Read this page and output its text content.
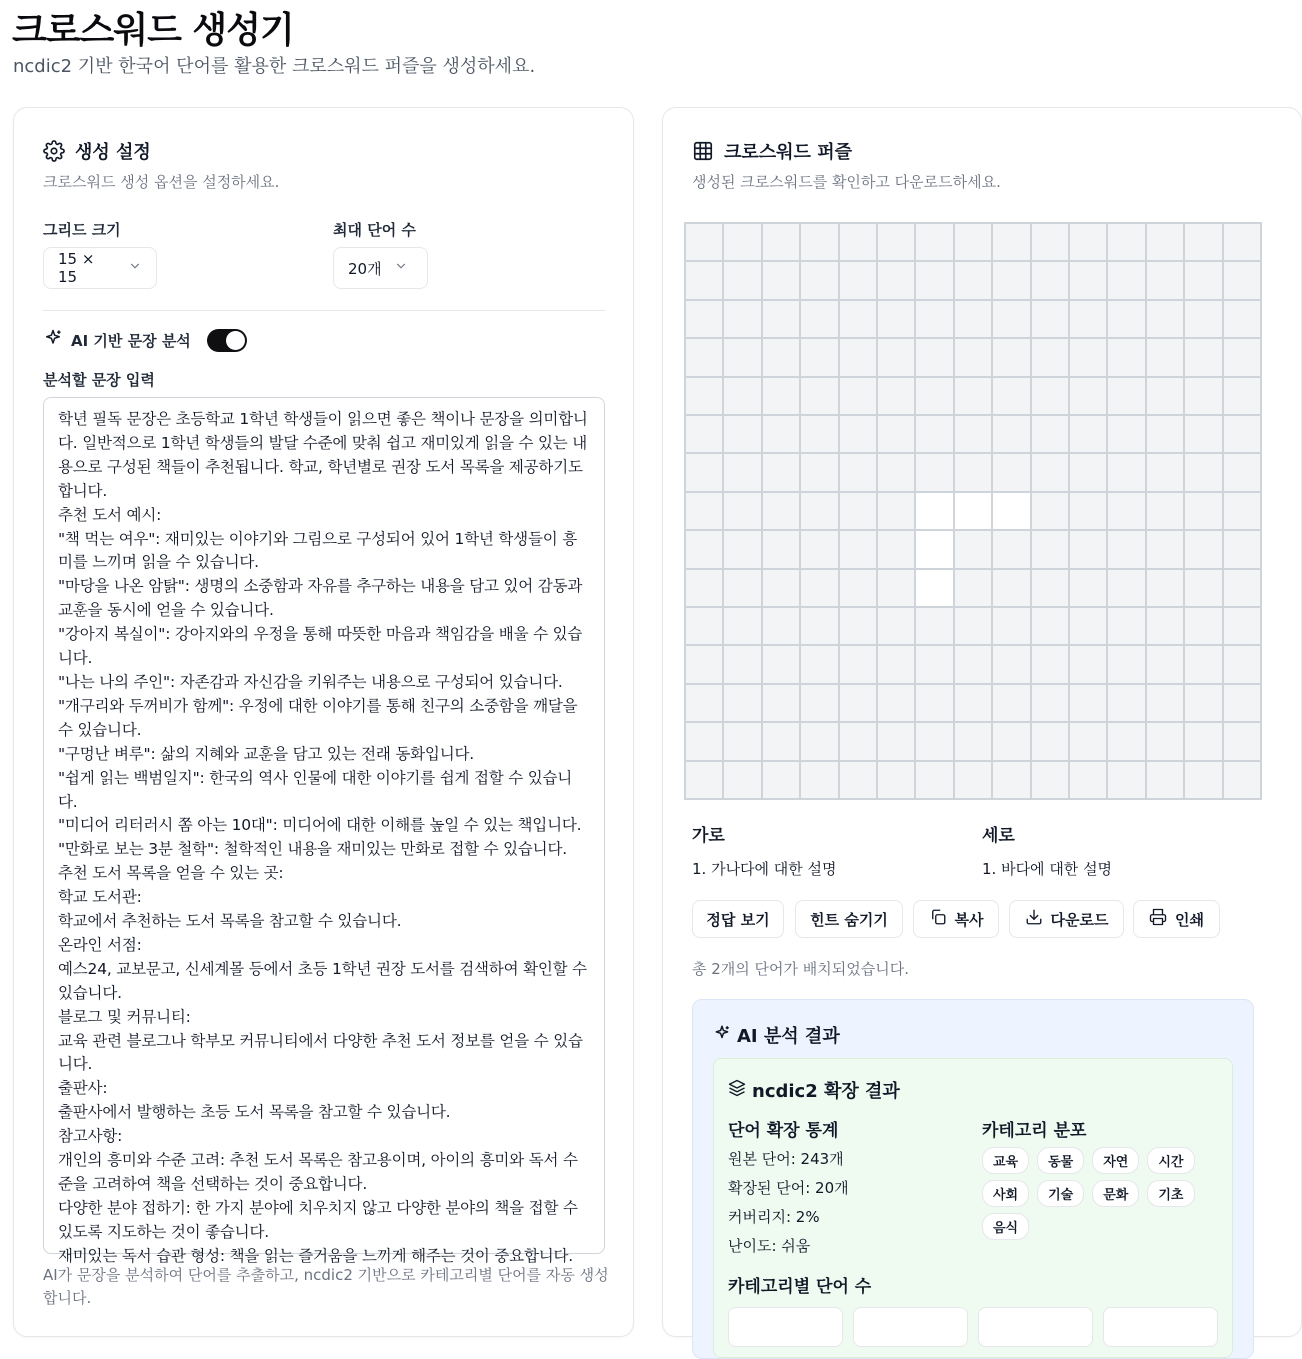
크로스워드 생성기
ncdic2 기반 한국어 단어를 활용한 크로스워드 퍼즐을 생성하세요.
생성 설정
크로스워드 생성 옵션을 설정하세요.
그리드 크기
15 × 15
최대 단어 수
20개
AI 기반 문장 분석
분석할 문장 입력
학년 필독 문장은 초등학교 1학년 학생들이 읽으면 좋은 책이나 문장을 의미합니다. 일반적으로 1학년 학생들의 발달 수준에 맞춰 쉽고 재미있게 읽을 수 있는 내용으로 구성된 책들이 추천됩니다. 학교, 학년별로 권장 도서 목록을 제공하기도 합니다.
추천 도서 예시:
"책 먹는 여우": 재미있는 이야기와 그림으로 구성되어 있어 1학년 학생들이 흥미를 느끼며 읽을 수 있습니다.
"마당을 나온 암탉": 생명의 소중함과 자유를 추구하는 내용을 담고 있어 감동과 교훈을 동시에 얻을 수 있습니다.
"강아지 복실이": 강아지와의 우정을 통해 따뜻한 마음과 책임감을 배울 수 있습니다.
"나는 나의 주인": 자존감과 자신감을 키워주는 내용으로 구성되어 있습니다.
"개구리와 두꺼비가 함께": 우정에 대한 이야기를 통해 친구의 소중함을 깨달을 수 있습니다.
"구멍난 벼루": 삶의 지혜와 교훈을 담고 있는 전래 동화입니다.
"쉽게 읽는 백범일지": 한국의 역사 인물에 대한 이야기를 쉽게 접할 수 있습니다.
"미디어 리터러시 쫌 아는 10대": 미디어에 대한 이해를 높일 수 있는 책입니다.
"만화로 보는 3분 철학": 철학적인 내용을 재미있는 만화로 접할 수 있습니다.
추천 도서 목록을 얻을 수 있는 곳:
학교 도서관:
학교에서 추천하는 도서 목록을 참고할 수 있습니다.
온라인 서점:
예스24, 교보문고, 신세계몰 등에서 초등 1학년 권장 도서를 검색하여 확인할 수 있습니다.
블로그 및 커뮤니티:
교육 관련 블로그나 학부모 커뮤니티에서 다양한 추천 도서 정보를 얻을 수 있습니다.
출판사:
출판사에서 발행하는 초등 도서 목록을 참고할 수 있습니다.
참고사항:
개인의 흥미와 수준 고려: 추천 도서 목록은 참고용이며, 아이의 흥미와 독서 수준을 고려하여 책을 선택하는 것이 중요합니다.
다양한 분야 접하기: 한 가지 분야에 치우치지 않고 다양한 분야의 책을 접할 수 있도록 지도하는 것이 좋습니다.
재미있는 독서 습관 형성: 책을 읽는 즐거움을 느끼게 해주는 것이 중요합니다.
AI가 문장을 분석하여 단어를 추출하고, ncdic2 기반으로 카테고리별 단어를 자동 생성합니다.
크로스워드 퍼즐
생성된 크로스워드를 확인하고 다운로드하세요.
가로
1. 가나다에 대한 설명
세로
1. 바다에 대한 설명
정답 보기	힌트 숨기기	복사	다운로드	인쇄
총 2개의 단어가 배치되었습니다.
AI 분석 결과
ncdic2 확장 결과
단어 확장 통계
원본 단어: 243개
확장된 단어: 20개
커버리지: 2%
난이도: 쉬움
카테고리 분포
교육	동물	자연	시간
사회	기술	문화	기초
음식
카테고리별 단어 수
